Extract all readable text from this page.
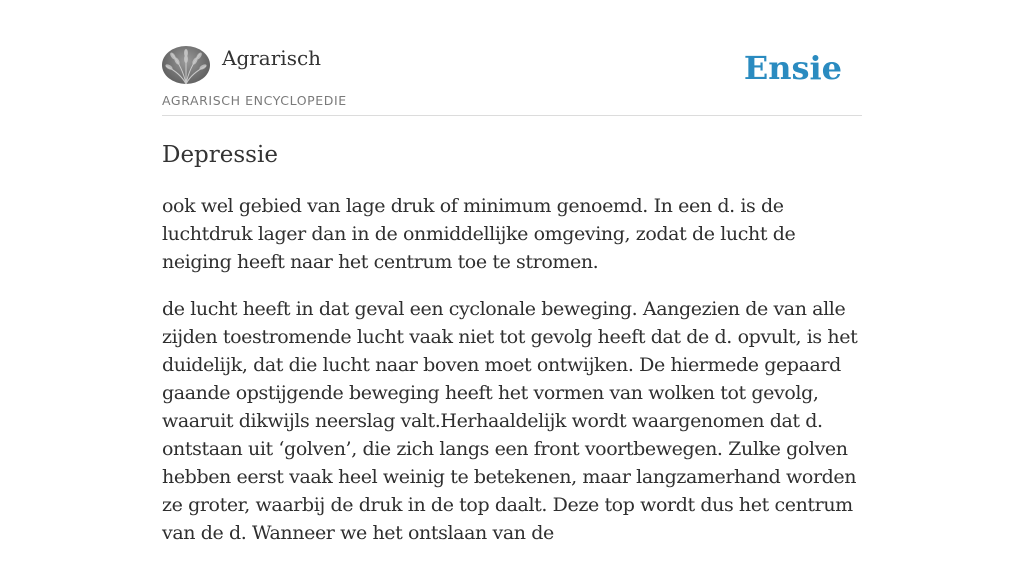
Agrarisch
AGRARISCH ENCYCLOPEDIE
Ensie
Depressie

ook wel gebied van lage druk of minimum genoemd. In een d. is de luchtdruk lager dan in de onmiddellijke omgeving, zodat de lucht de neiging heeft naar het centrum toe te stromen.

de lucht heeft in dat geval een cyclonale beweging. Aangezien de van alle zijden toestromende lucht vaak niet tot gevolg heeft dat de d. opvult, is het duidelijk, dat die lucht naar boven moet ontwijken. De hiermede gepaard gaande opstijgende beweging heeft het vormen van wolken tot gevolg, waaruit dikwijls neerslag valt.Herhaaldelijk wordt waargenomen dat d. ontstaan uit ‘golven’, die zich langs een front voortbewegen. Zulke golven hebben eerst vaak heel weinig te betekenen, maar langzamerhand worden ze groter, waarbij de druk in de top daalt. Deze top wordt dus het centrum van de d. Wanneer we het ontslaan van de
